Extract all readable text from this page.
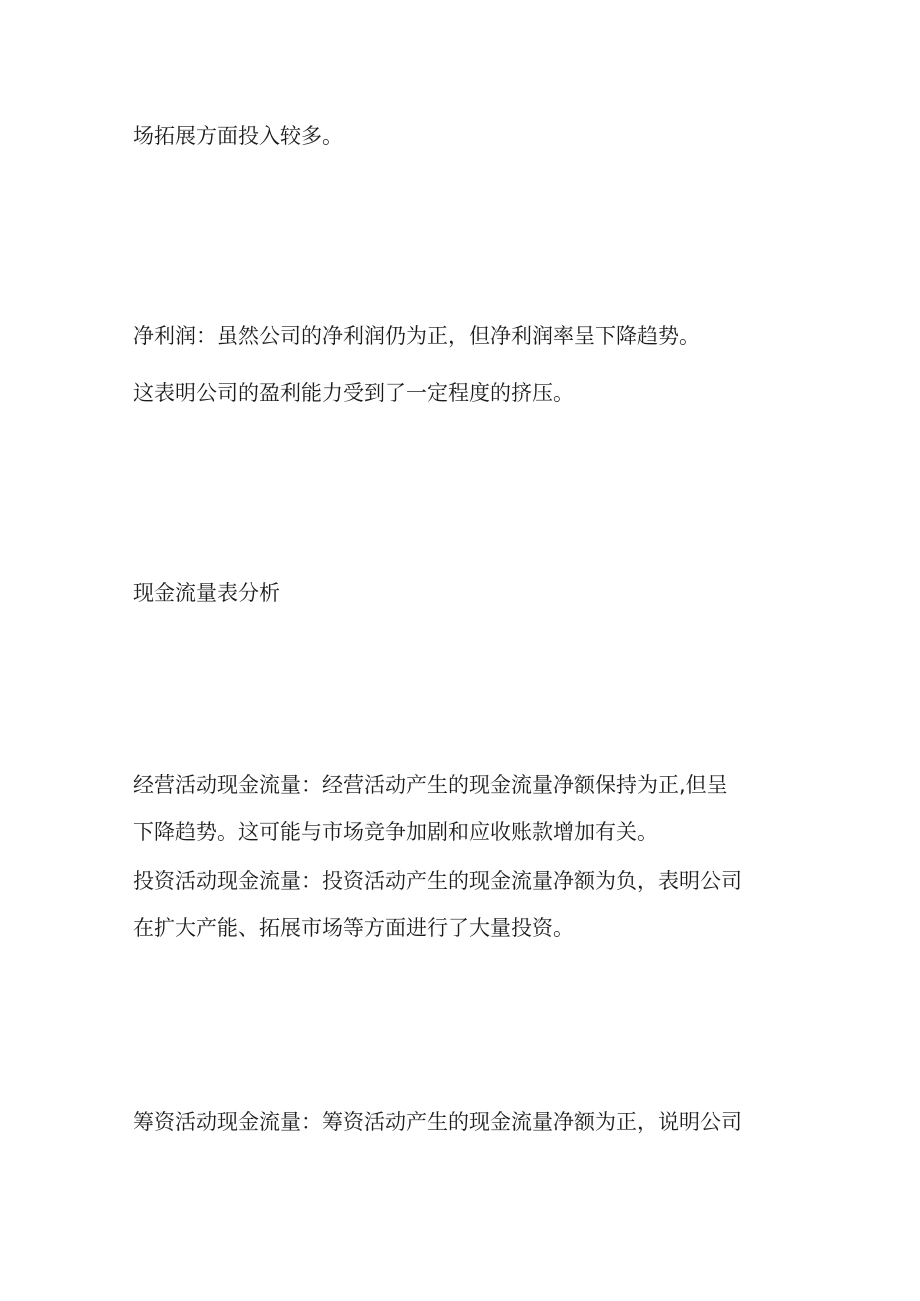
场拓展方面投入较多。

净利润：虽然公司的净利润仍为正，但净利润率呈下降趋势。

这表明公司的盈利能力受到了一定程度的挤压。

现金流量表分析

经营活动现金流量：经营活动产生的现金流量净额保持为正,但呈

下降趋势。这可能与市场竞争加剧和应收账款增加有关。

投资活动现金流量：投资活动产生的现金流量净额为负，表明公司

在扩大产能、拓展市场等方面进行了大量投资。

筹资活动现金流量：筹资活动产生的现金流量净额为正，说明公司
